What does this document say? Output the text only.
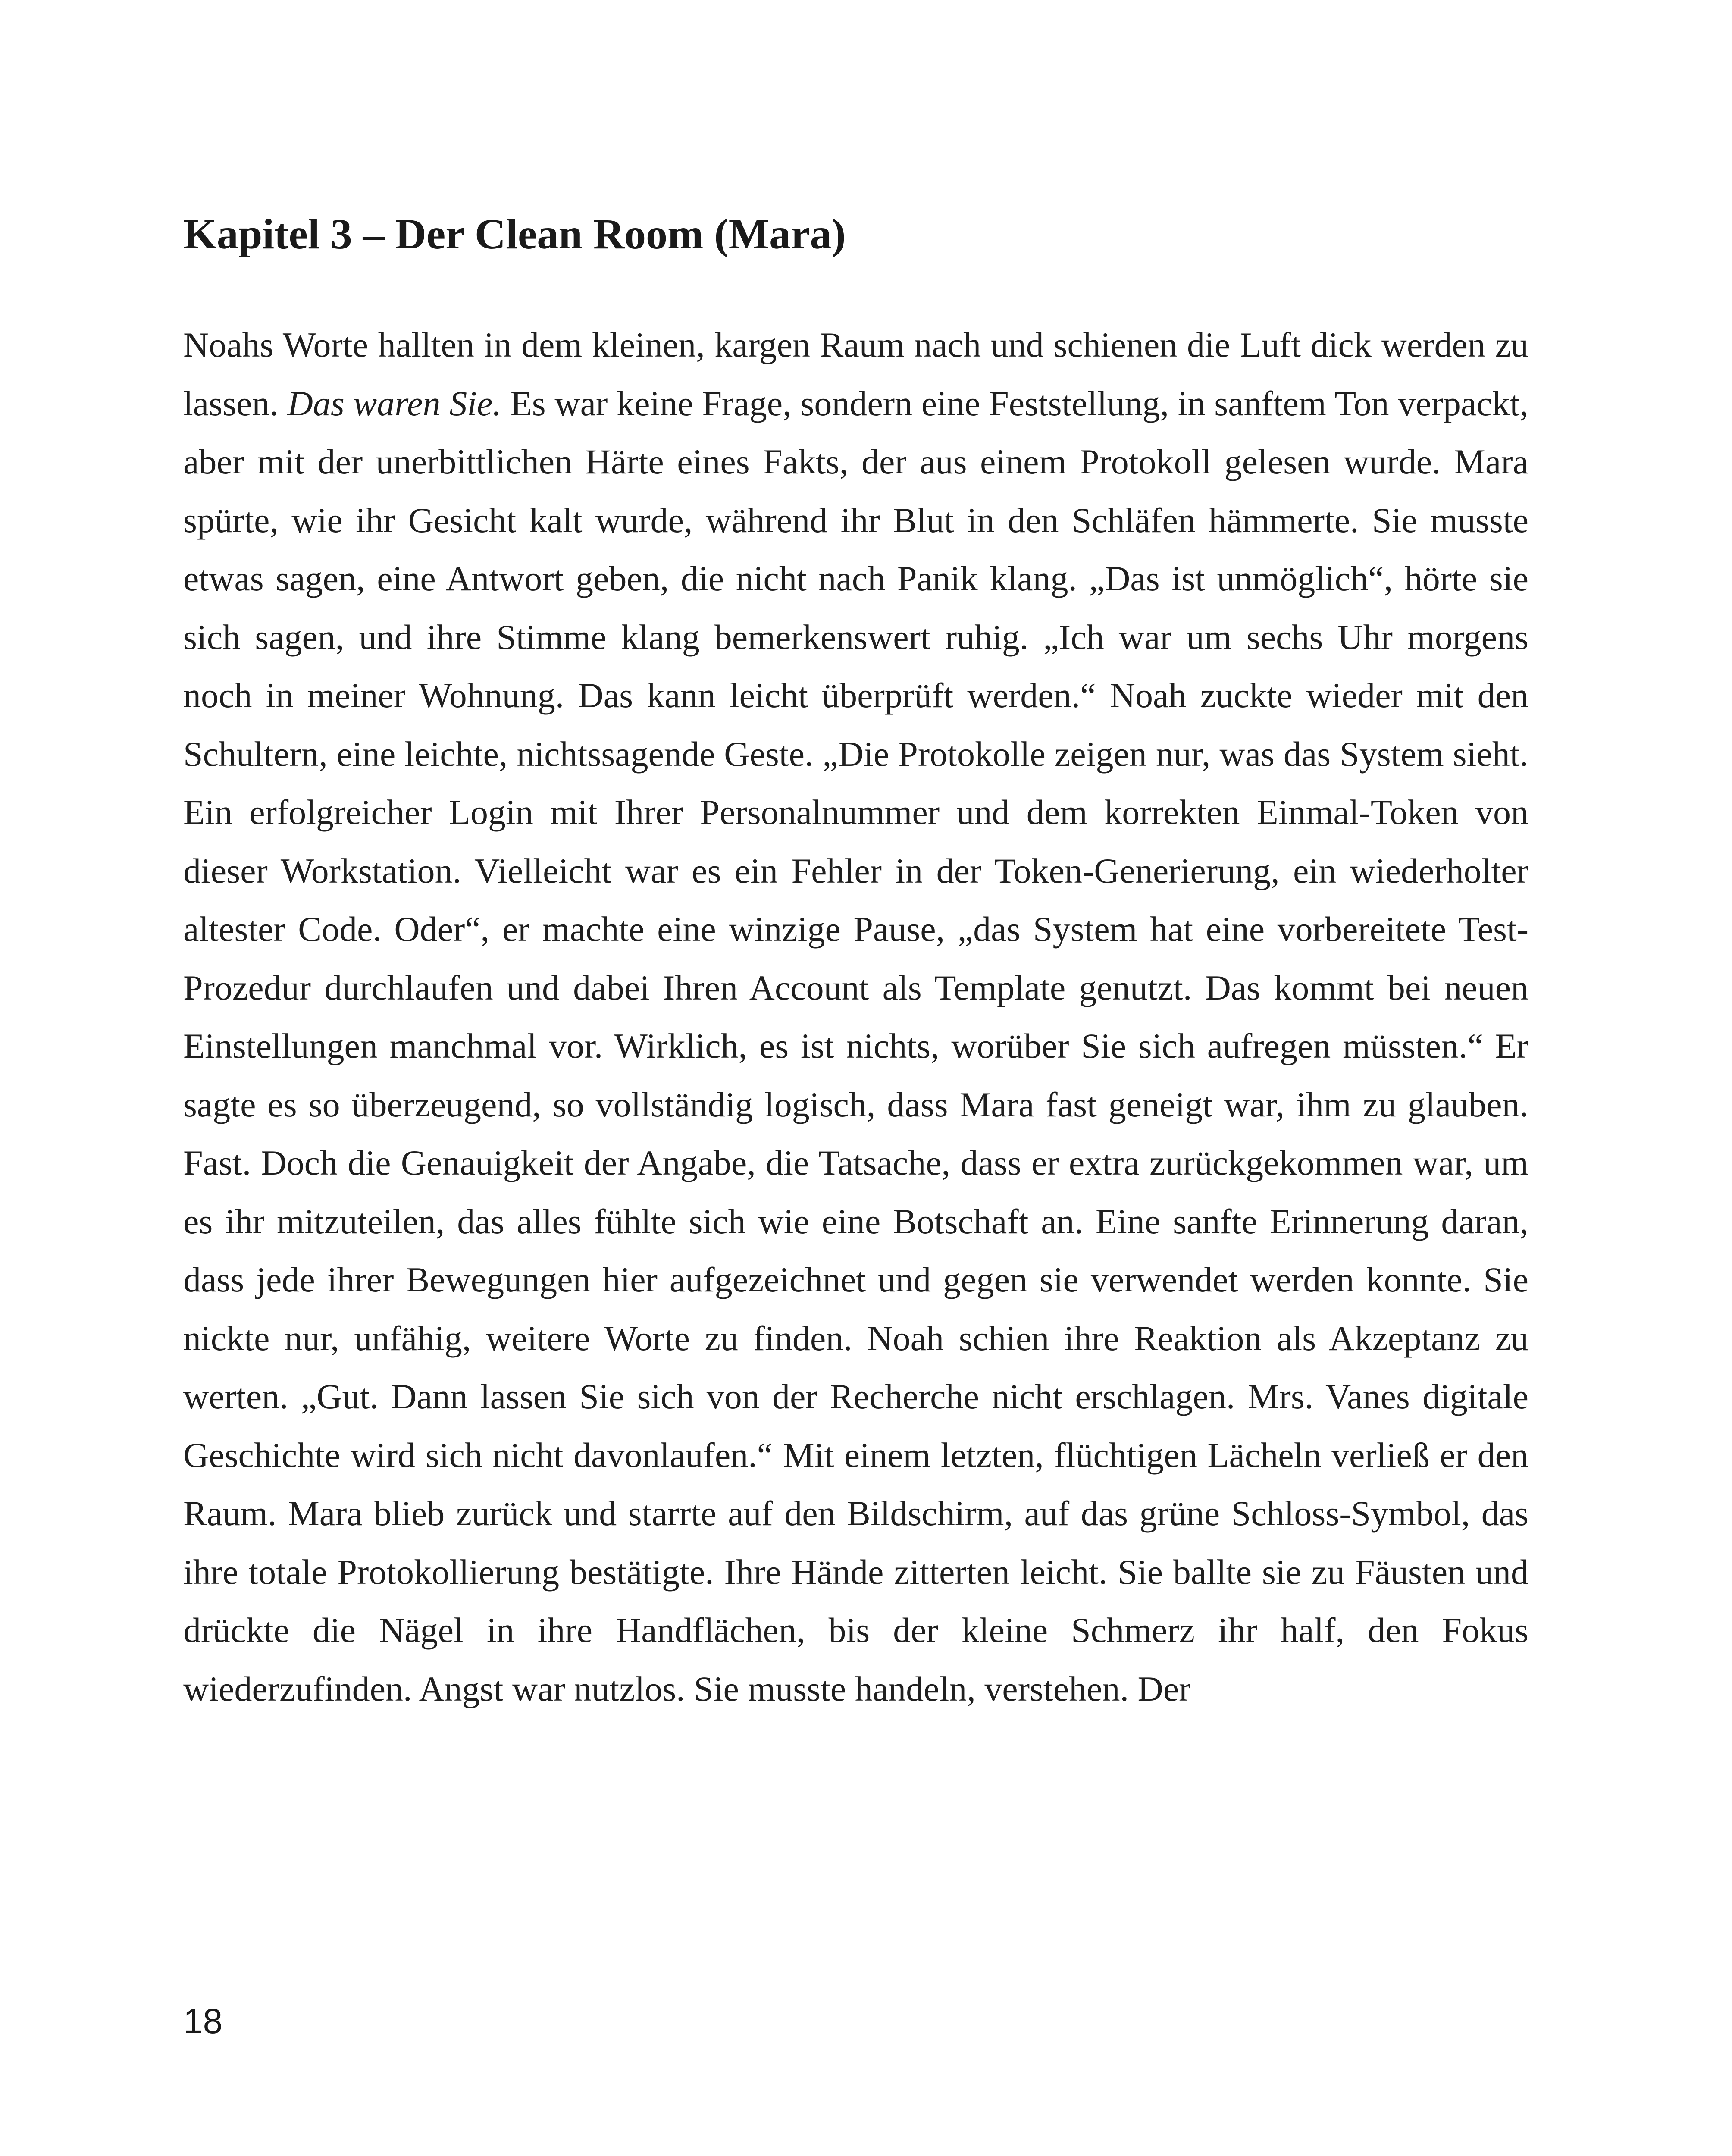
Kapitel 3 – Der Clean Room (Mara)

Noahs Worte hallten in dem kleinen, kargen Raum nach und schienen die Luft dick werden zu lassen. Das waren Sie. Es war keine Frage, sondern eine Feststellung, in sanftem Ton verpackt, aber mit der unerbittlichen Härte eines Fakts, der aus einem Protokoll gelesen wurde. Mara spürte, wie ihr Gesicht kalt wurde, während ihr Blut in den Schläfen hämmerte. Sie musste etwas sagen, eine Antwort geben, die nicht nach Panik klang. „Das ist unmöglich“, hörte sie sich sagen, und ihre Stimme klang bemerkenswert ruhig. „Ich war um sechs Uhr morgens noch in meiner Wohnung. Das kann leicht überprüft werden.“ Noah zuckte wieder mit den Schultern, eine leichte, nichtssagende Geste. „Die Protokolle zeigen nur, was das System sieht. Ein erfolgreicher Login mit Ihrer Personalnummer und dem korrekten Einmal-Token von dieser Workstation. Vielleicht war es ein Fehler in der Token-Generierung, ein wiederholter altester Code. Oder“, er machte eine winzige Pause, „das System hat eine vorbereitete Test-Prozedur durchlaufen und dabei Ihren Account als Template genutzt. Das kommt bei neuen Einstellungen manchmal vor. Wirklich, es ist nichts, worüber Sie sich aufregen müssten.“ Er sagte es so überzeugend, so vollständig logisch, dass Mara fast geneigt war, ihm zu glauben. Fast. Doch die Genauigkeit der Angabe, die Tatsache, dass er extra zurückgekommen war, um es ihr mitzuteilen, das alles fühlte sich wie eine Botschaft an. Eine sanfte Erinnerung daran, dass jede ihrer Bewegungen hier aufgezeichnet und gegen sie verwendet werden konnte. Sie nickte nur, unfähig, weitere Worte zu finden. Noah schien ihre Reaktion als Akzeptanz zu werten. „Gut. Dann lassen Sie sich von der Recherche nicht erschlagen. Mrs. Vanes digitale Geschichte wird sich nicht davonlaufen.“ Mit einem letzten, flüchtigen Lächeln verließ er den Raum. Mara blieb zurück und starrte auf den Bildschirm, auf das grüne Schloss-Symbol, das ihre totale Protokollierung bestätigte. Ihre Hände zitterten leicht. Sie ballte sie zu Fäusten und drückte die Nägel in ihre Handflächen, bis der kleine Schmerz ihr half, den Fokus wiederzufinden. Angst war nutzlos. Sie musste handeln, verstehen. Der

18
